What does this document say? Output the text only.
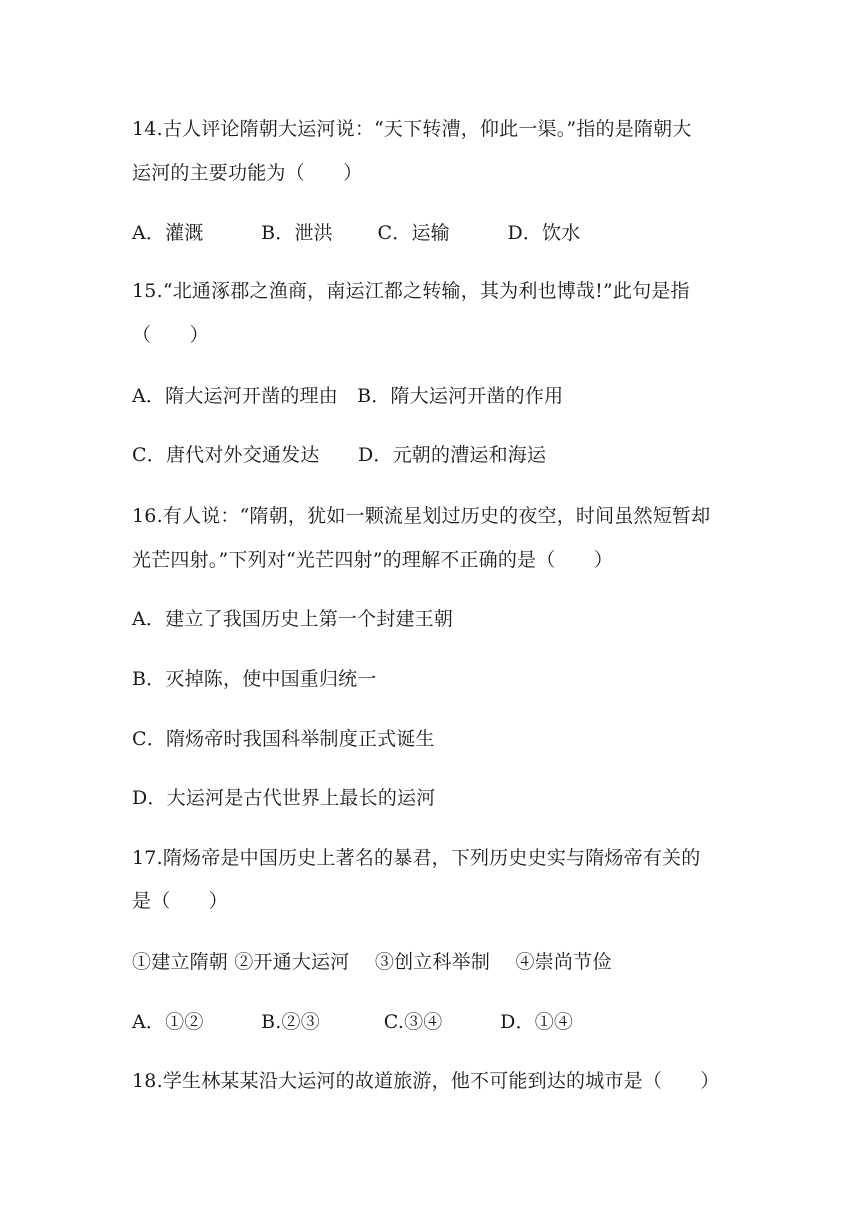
14.古人评论隋朝大运河说：“天下转漕，仰此一渠。”指的是隋朝大
运河的主要功能为（　　）
A．灌溉　　　B．泄洪　　 C．运输　　　D．饮水
15.“北通涿郡之渔商，南运江都之转输，其为利也博哉!”此句是指
（　　）
A．隋大运河开凿的理由　B．隋大运河开凿的作用
C．唐代对外交通发达　　D．元朝的漕运和海运
16.有人说：“隋朝，犹如一颗流星划过历史的夜空，时间虽然短暂却
光芒四射。”下列对“光芒四射”的理解不正确的是（　　）
A．建立了我国历史上第一个封建王朝
B．灭掉陈，使中国重归统一
C．隋炀帝时我国科举制度正式诞生
D．大运河是古代世界上最长的运河
17.隋炀帝是中国历史上著名的暴君，下列历史史实与隋炀帝有关的
是（　　）
①建立隋朝 ②开通大运河　 ③创立科举制　 ④崇尚节俭
A．①②　　　B.②③　　　 C.③④　　　D．①④
18.学生林某某沿大运河的故道旅游，他不可能到达的城市是（　　）
